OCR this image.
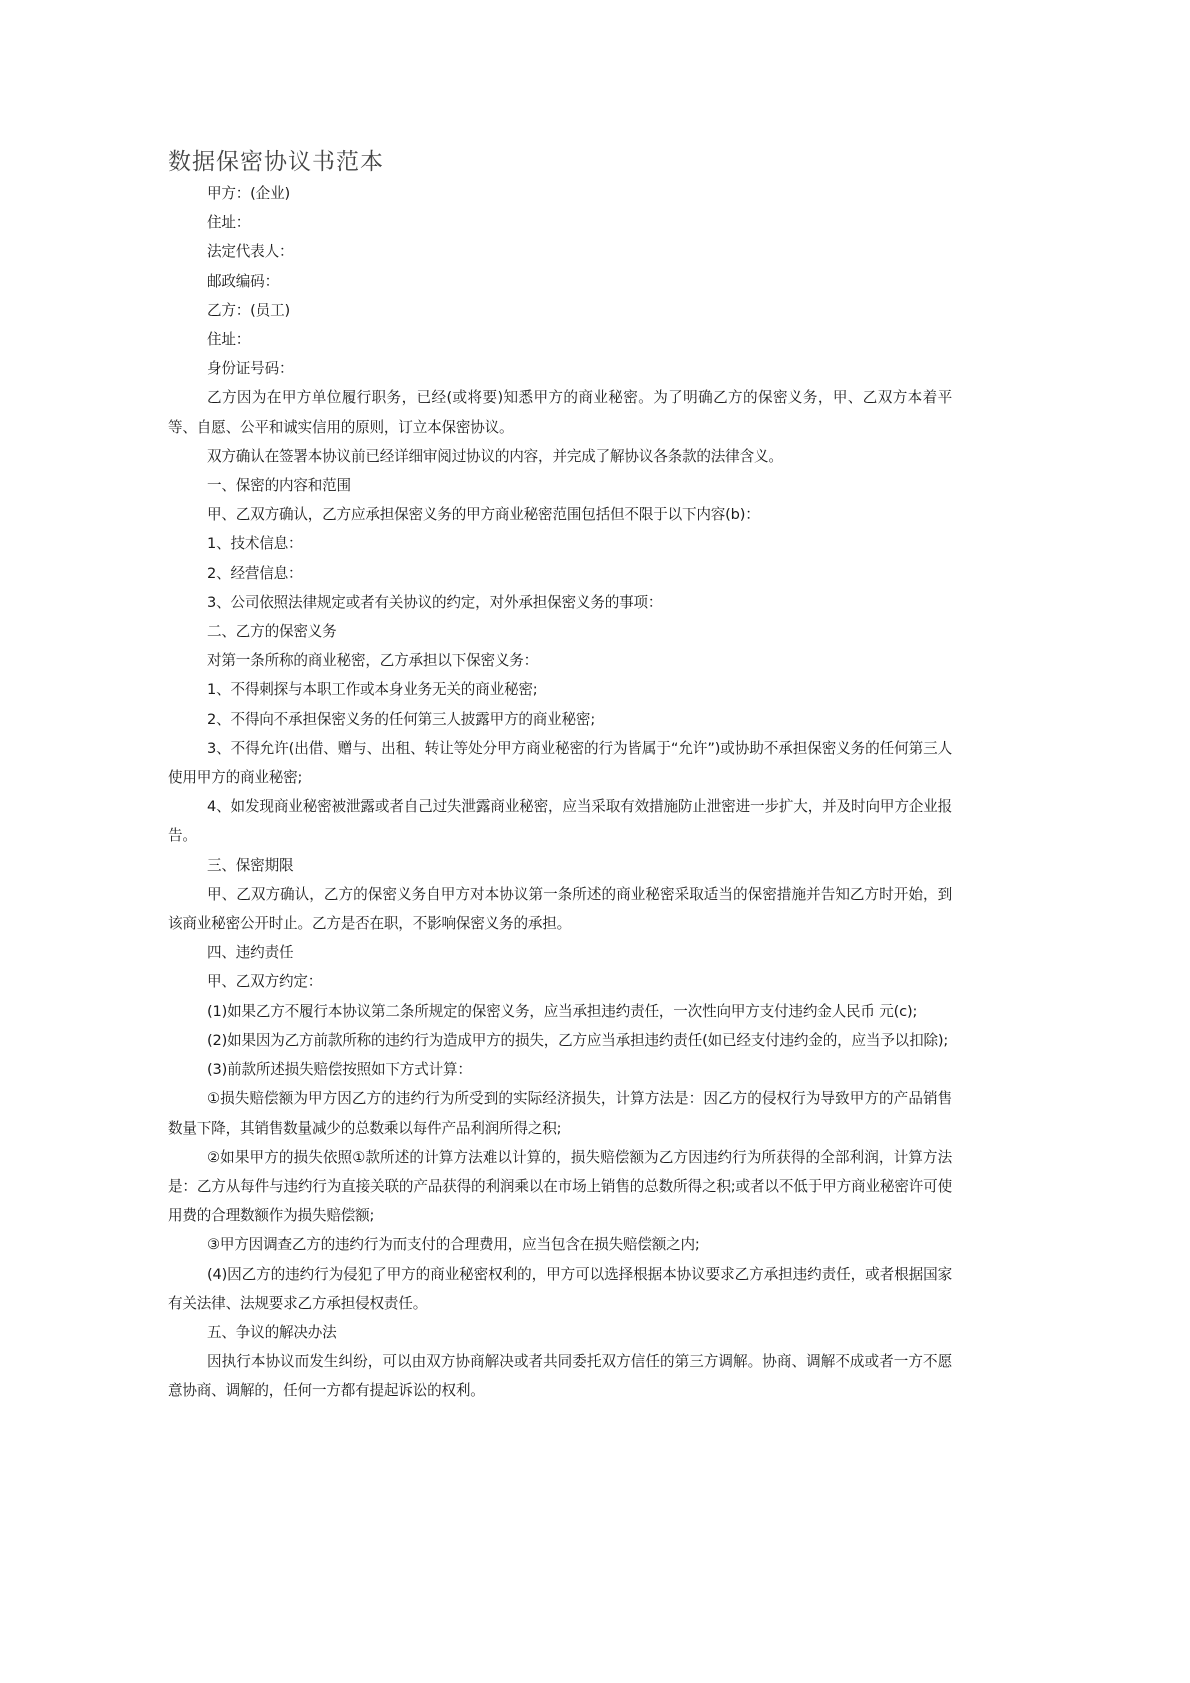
数据保密协议书范本

甲方：(企业)

住址：

法定代表人：

邮政编码：

乙方：(员工)

住址：

身份证号码：

乙方因为在甲方单位履行职务，已经(或将要)知悉甲方的商业秘密。为了明确乙方的保密义务，甲、乙双方本着平等、自愿、公平和诚实信用的原则，订立本保密协议。

双方确认在签署本协议前已经详细审阅过协议的内容，并完成了解协议各条款的法律含义。

一、保密的内容和范围

甲、乙双方确认，乙方应承担保密义务的甲方商业秘密范围包括但不限于以下内容(b)：

1、技术信息：

2、经营信息：

3、公司依照法律规定或者有关协议的约定，对外承担保密义务的事项：

二、乙方的保密义务

对第一条所称的商业秘密，乙方承担以下保密义务：

1、不得刺探与本职工作或本身业务无关的商业秘密;

2、不得向不承担保密义务的任何第三人披露甲方的商业秘密;

3、不得允许(出借、赠与、出租、转让等处分甲方商业秘密的行为皆属于“允许”)或协助不承担保密义务的任何第三人使用甲方的商业秘密;

4、如发现商业秘密被泄露或者自己过失泄露商业秘密，应当采取有效措施防止泄密进一步扩大，并及时向甲方企业报告。

三、保密期限

甲、乙双方确认，乙方的保密义务自甲方对本协议第一条所述的商业秘密采取适当的保密措施并告知乙方时开始，到该商业秘密公开时止。乙方是否在职，不影响保密义务的承担。

四、违约责任

甲、乙双方约定：

(1)如果乙方不履行本协议第二条所规定的保密义务，应当承担违约责任，一次性向甲方支付违约金人民币 元(c);

(2)如果因为乙方前款所称的违约行为造成甲方的损失，乙方应当承担违约责任(如已经支付违约金的，应当予以扣除);

(3)前款所述损失赔偿按照如下方式计算：

①损失赔偿额为甲方因乙方的违约行为所受到的实际经济损失，计算方法是：因乙方的侵权行为导致甲方的产品销售数量下降，其销售数量减少的总数乘以每件产品利润所得之积;

②如果甲方的损失依照①款所述的计算方法难以计算的，损失赔偿额为乙方因违约行为所获得的全部利润，计算方法是：乙方从每件与违约行为直接关联的产品获得的利润乘以在市场上销售的总数所得之积;或者以不低于甲方商业秘密许可使用费的合理数额作为损失赔偿额;

③甲方因调查乙方的违约行为而支付的合理费用，应当包含在损失赔偿额之内;

(4)因乙方的违约行为侵犯了甲方的商业秘密权利的，甲方可以选择根据本协议要求乙方承担违约责任，或者根据国家有关法律、法规要求乙方承担侵权责任。

五、争议的解决办法

因执行本协议而发生纠纷，可以由双方协商解决或者共同委托双方信任的第三方调解。协商、调解不成或者一方不愿意协商、调解的，任何一方都有提起诉讼的权利。
